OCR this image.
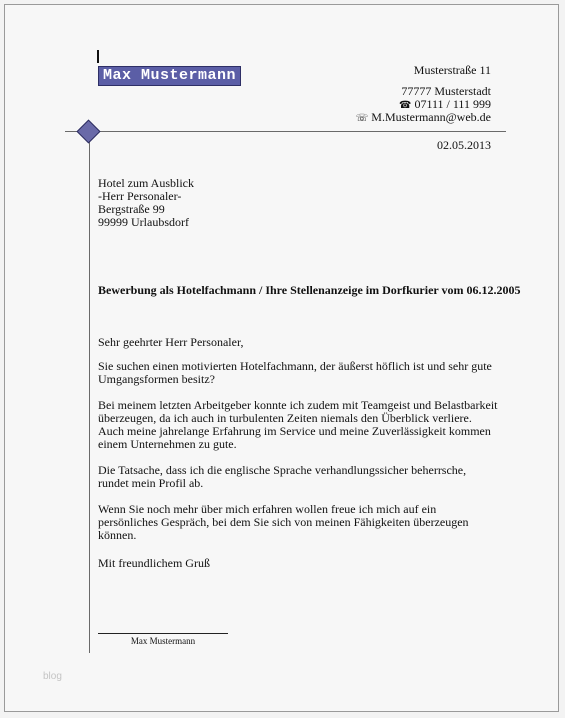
Max Mustermann	Musterstraße 11
77777 Musterstadt
☎ 07111 / 111 999
☏ M.Mustermann@web.de
02.05.2013
Hotel zum Ausblick
-Herr Personaler-
Bergstraße 99
99999 Urlaubsdorf
Bewerbung als Hotelfachmann / Ihre Stellenanzeige im Dorfkurier vom 06.12.2005

Sehr geehrter Herr Personaler,

Sie suchen einen motivierten Hotelfachmann, der äußerst höflich ist und sehr gute Umgangsformen besitz?

Bei meinem letzten Arbeitgeber konnte ich zudem mit Teamgeist und Belastbarkeit überzeugen, da ich auch in turbulenten Zeiten niemals den Überblick verliere.
Auch meine jahrelange Erfahrung im Service und meine Zuverlässigkeit kommen einem Unternehmen zu gute.

Die Tatsache, dass ich die englische Sprache verhandlungssicher beherrsche, rundet mein Profil ab.

Wenn Sie noch mehr über mich erfahren wollen freue ich mich auf ein persönliches Gespräch, bei dem Sie sich von meinen Fähigkeiten überzeugen können.

Mit freundlichem Gruß
Max Mustermann
blog
